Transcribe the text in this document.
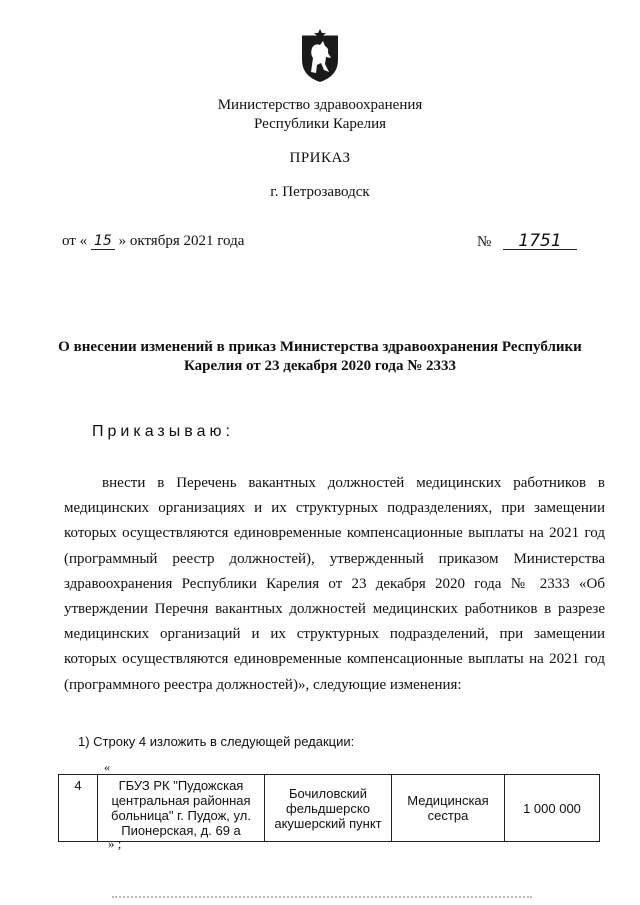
Министерство здравоохранения
Республики Карелия
ПРИКАЗ
г. Петрозаводск
от « 15 » октября 2021 года	№ 1751
О внесении изменений в приказ Министерства здравоохранения Республики
Карелия от 23 декабря 2020 года № 2333
Приказываю:

внести в Перечень вакантных должностей медицинских работников в медицинских организациях и их структурных подразделениях, при замещении которых осуществляются единовременные компенсационные выплаты на 2021 год (программный реестр должностей), утвержденный приказом Министерства здравоохранения Республики Карелия от 23 декабря 2020 года № 2333 «Об утверждении Перечня вакантных должностей медицинских работников в разрезе медицинских организаций и их структурных подразделений, при замещении которых осуществляются единовременные компенсационные выплаты на 2021 год (программного реестра должностей)», следующие изменения:

1) Строку 4 изложить в следующей редакции:
«
4	ГБУЗ РК "Пудожская центральная районная больница" г. Пудож, ул. Пионерская, д. 69 а	Бочиловский фельдшерско акушерский пункт	Медицинская сестра	1 000 000
» ;
